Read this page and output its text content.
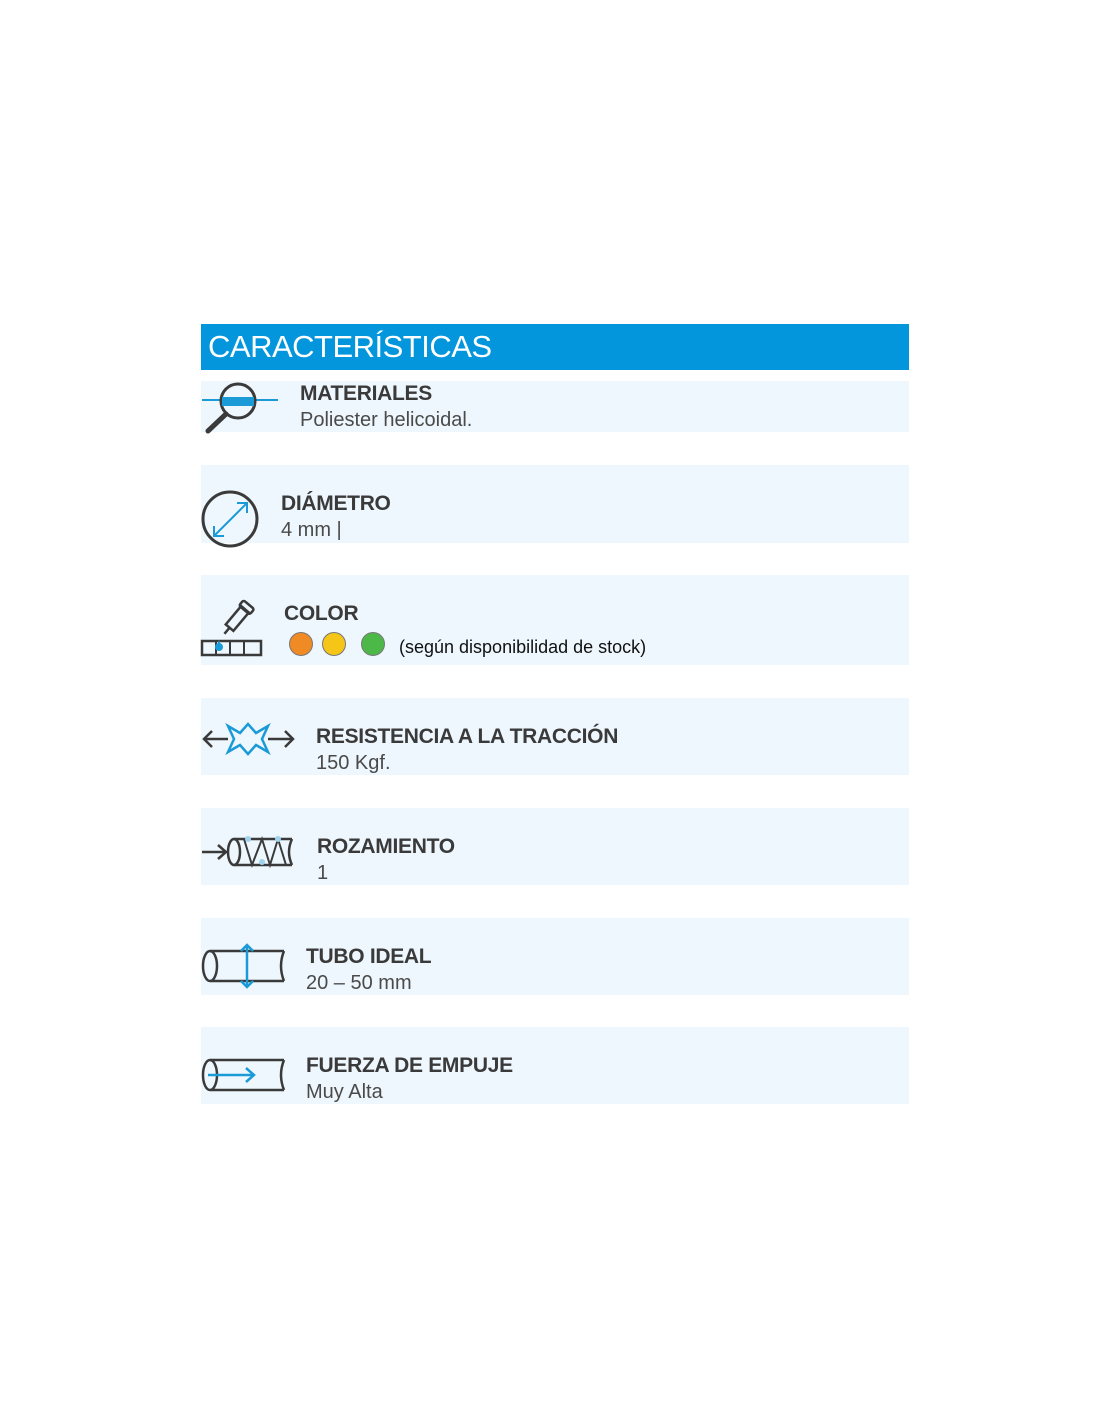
CARACTERÍSTICAS
MATERIALES
Poliester helicoidal.
DIÁMETRO
4 mm |
COLOR
(según disponibilidad de stock)
RESISTENCIA A LA TRACCIÓN
150 Kgf.
ROZAMIENTO
1
TUBO IDEAL
20 – 50 mm
FUERZA DE EMPUJE
Muy Alta
